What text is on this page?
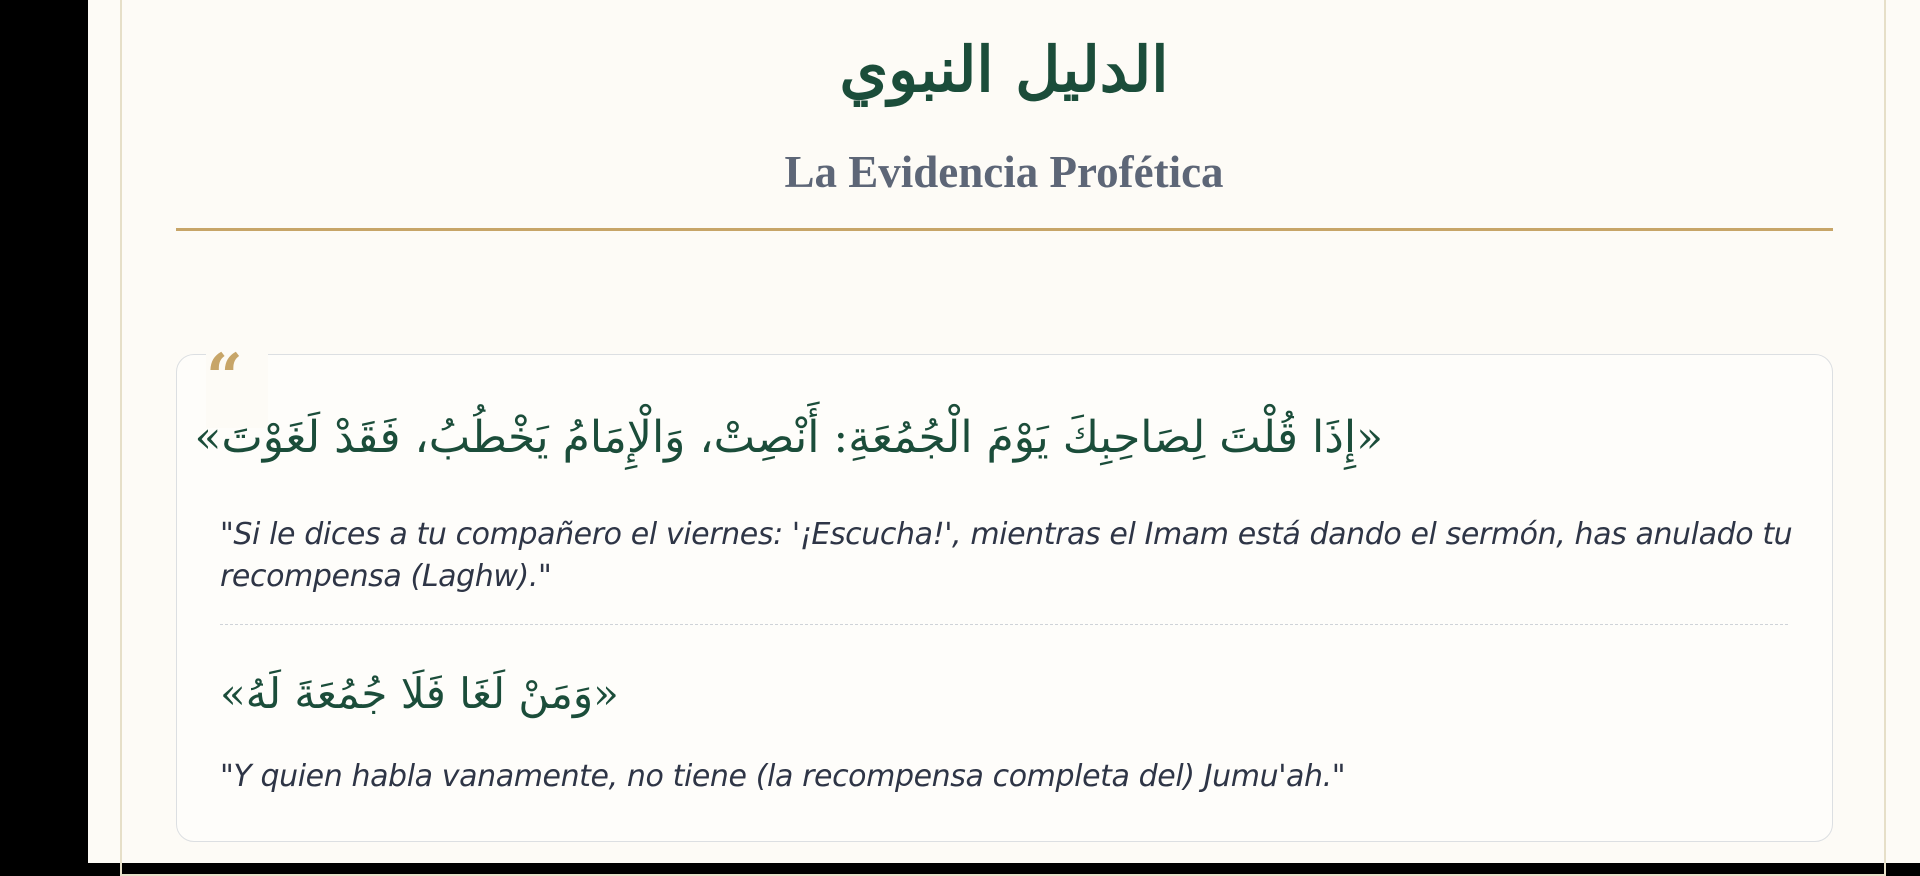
الدليل النبوي
La Evidencia Profética
“
«إِذَا قُلْتَ لِصَاحِبِكَ يَوْمَ الْجُمُعَةِ: أَنْصِتْ، وَالْإِمَامُ يَخْطُبُ، فَقَدْ لَغَوْتَ»

"Si le dices a tu compañero el viernes: '¡Escucha!', mientras el Imam está dando el sermón, has anulado tu recompensa (Laghw)."

«وَمَنْ لَغَا فَلَا جُمُعَةَ لَهُ»

"Y quien habla vanamente, no tiene (la recompensa completa del) Jumu'ah."
